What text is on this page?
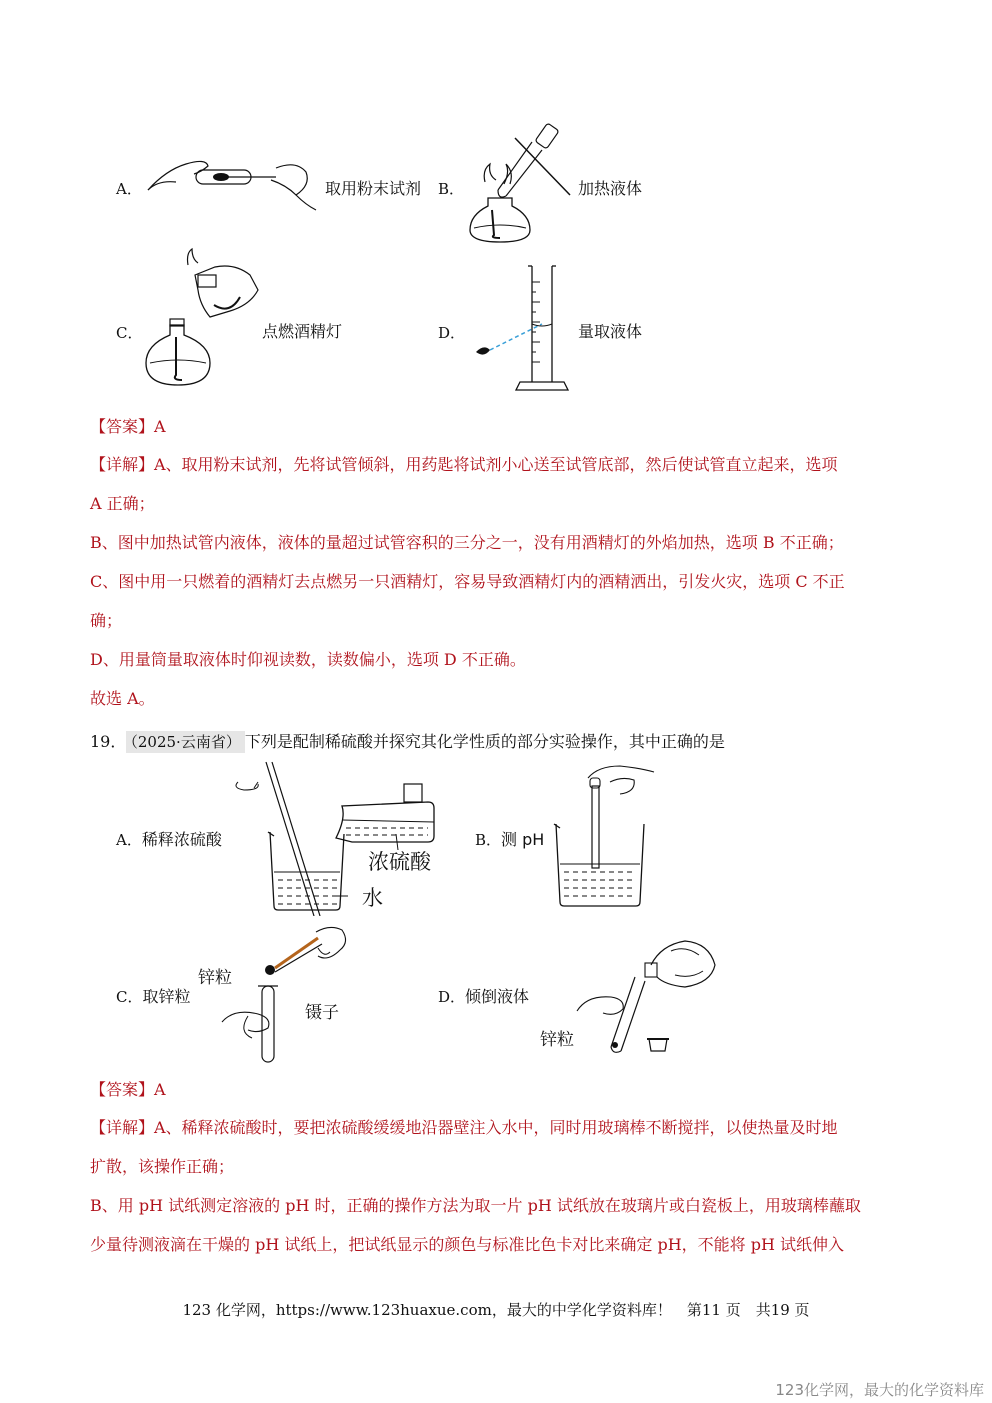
A．	取用粉末试剂 B．	加热液体
C．	点燃酒精灯	D．	量取液体
【答案】A
【详解】A、取用粉末试剂，先将试管倾斜，用药匙将试剂小心送至试管底部，然后使试管直立起来，选项
A 正确；
B、图中加热试管内液体，液体的量超过试管容积的三分之一，没有用酒精灯的外焰加热，选项 B 不正确；
C、图中用一只燃着的酒精灯去点燃另一只酒精灯，容易导致酒精灯内的酒精洒出，引发火灾，选项 C 不正
确；
D、用量筒量取液体时仰视读数，读数偏小，选项 D 不正确。
故选 A。
19． （2025·云南省） 下列是配制稀硫酸并探究其化学性质的部分实验操作，其中正确的是
A．稀释浓硫酸
浓硫酸
水
B．测 pH
C．取锌粒
锌粒
镊子
D．倾倒液体
锌粒
【答案】A
【详解】A、稀释浓硫酸时，要把浓硫酸缓缓地沿器壁注入水中，同时用玻璃棒不断搅拌，以使热量及时地
扩散，该操作正确；
B、用 pH 试纸测定溶液的 pH 时，正确的操作方法为取一片 pH 试纸放在玻璃片或白瓷板上，用玻璃棒蘸取
少量待测液滴在干燥的 pH 试纸上，把试纸显示的颜色与标准比色卡对比来确定 pH，不能将 pH 试纸伸入
123 化学网，https://www.123huaxue.com，最大的中学化学资料库！　第11 页　共19 页
123化学网，最大的化学资料库
